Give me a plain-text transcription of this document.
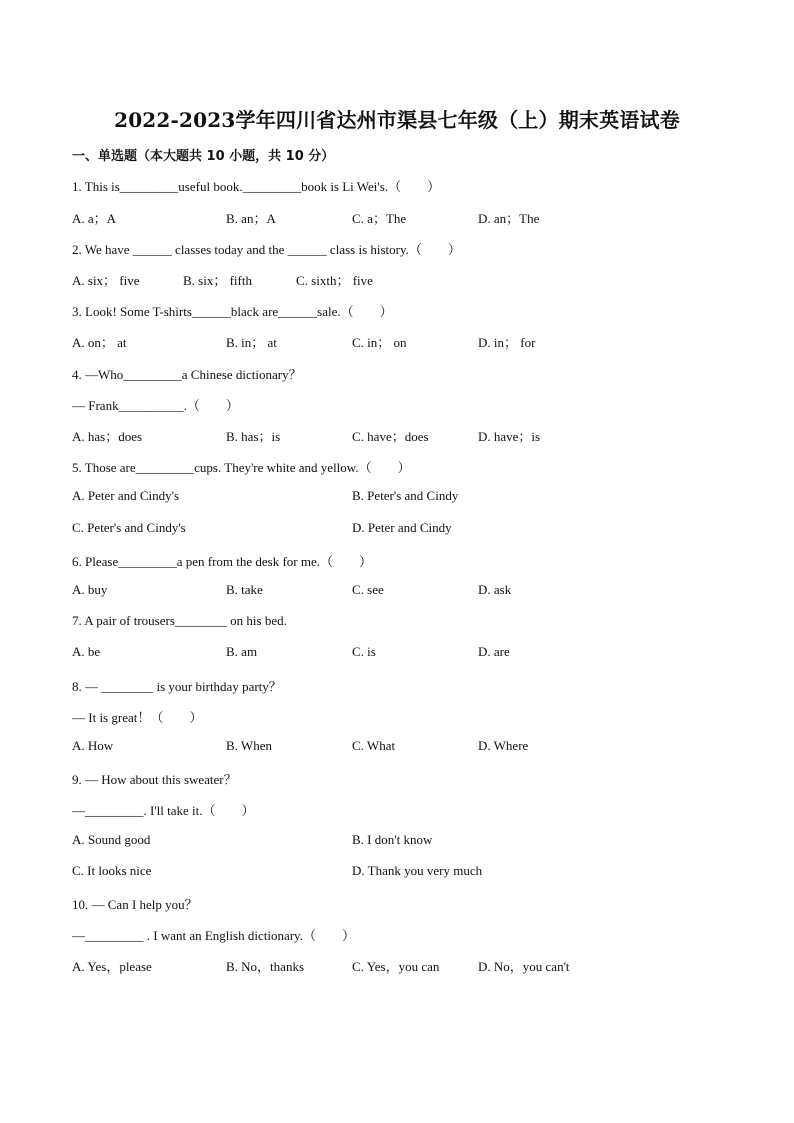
2022-2023学年四川省达州市渠县七年级（上）期末英语试卷
一、单选题（本大题共 10 小题，共 10 分）
1. This is_________useful book._________book is Li Wei's.（　　）
A. a；A	B. an；A	C. a；The	D. an；The
2. We have ______ classes today and the ______ class is history.（　　）
A. six； five	B. six； fifth	C. sixth； five
3. Look! Some T-shirts______black are______sale.（　　）
A. on； at	B. in； at	C. in； on	D. in； for
4. —Who_________a Chinese dictionary？
— Frank__________.（　　）
A. has；does	B. has；is	C. have；does	D. have；is
5. Those are_________cups. They're white and yellow.（　　）
A. Peter and Cindy's	B. Peter's and Cindy
C. Peter's and Cindy's	D. Peter and Cindy
6. Please_________a pen from the desk for me.（　　）
A. buy	B. take	C. see	D. ask
7. A pair of trousers________ on his bed.
A. be	B. am	C. is	D. are
8. — ________ is your birthday party？
— It is great！（　　）
A. How	B. When	C. What	D. Where
9. — How about this sweater？
—_________. I'll take it.（　　）
A. Sound good	B. I don't know
C. It looks nice	D. Thank you very much
10. — Can I help you？
—_________ . I want an English dictionary.（　　）
A. Yes，please	B. No，thanks	C. Yes，you can	D. No，you can't
